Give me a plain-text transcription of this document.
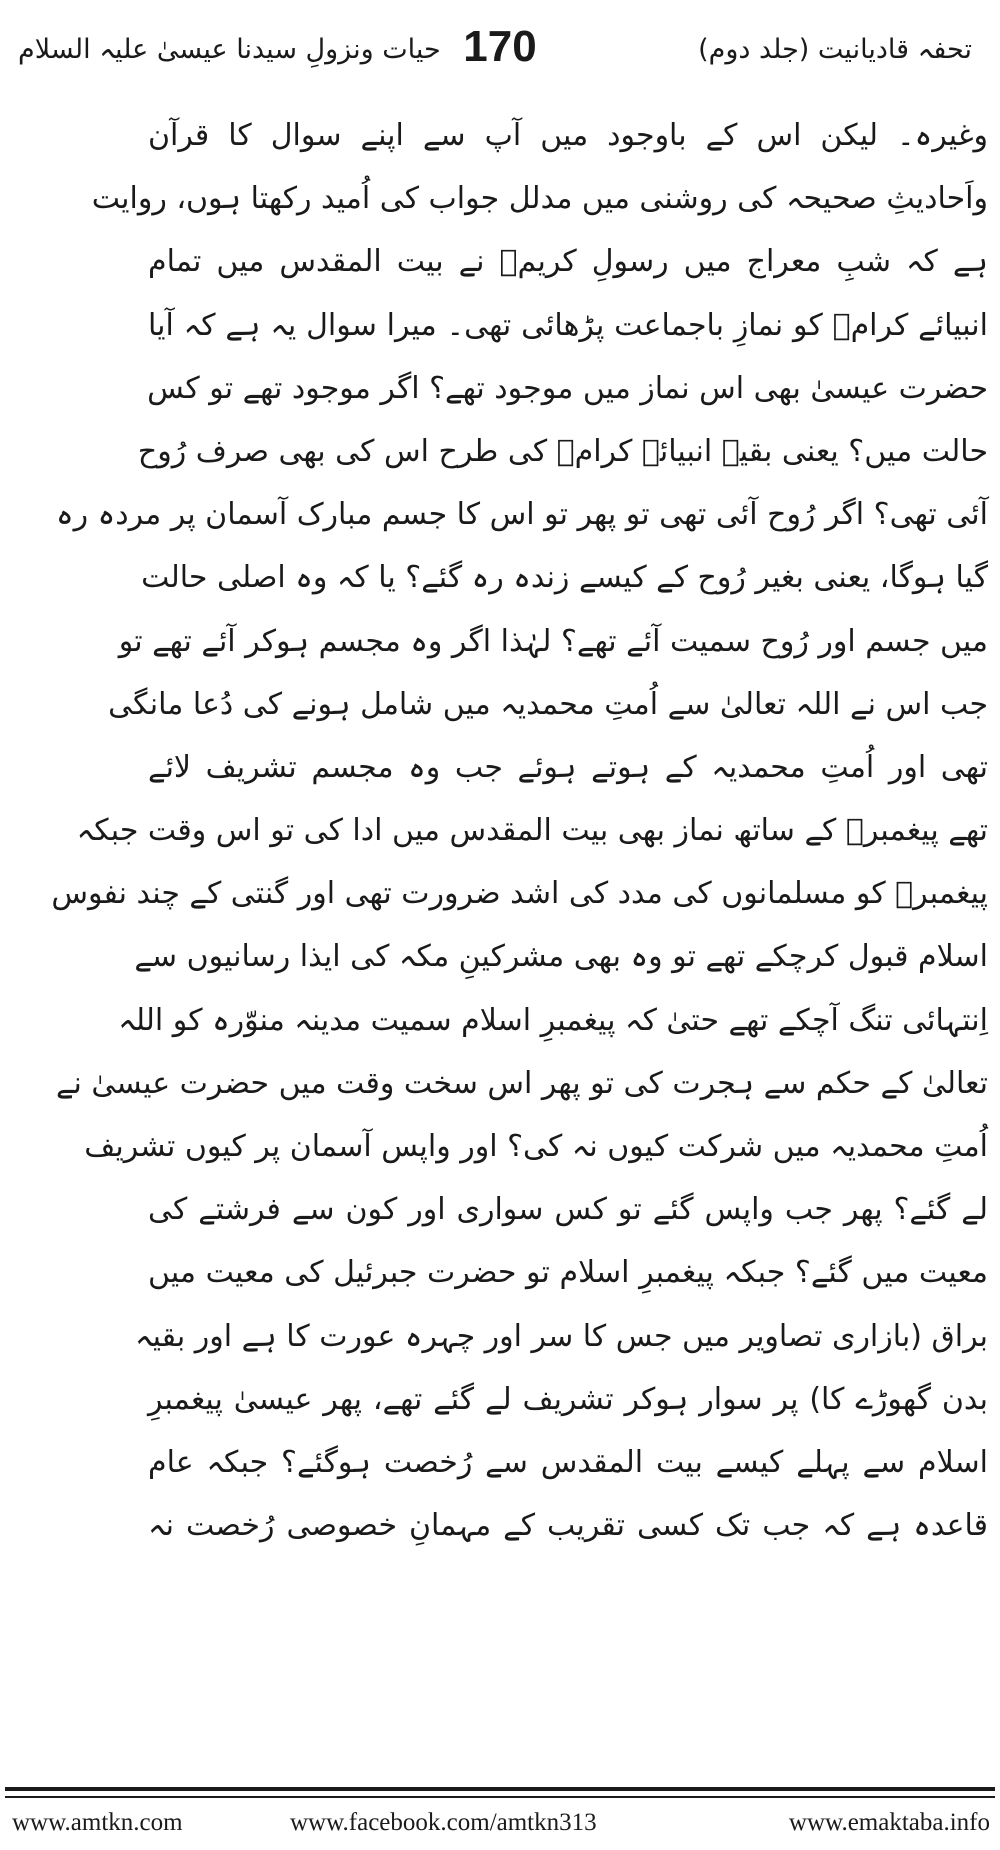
تحفہ قادیانیت (جلد دوم)
170
حیات ونزولِ سیدنا عیسیٰ علیہ السلام
وغیرہ۔ لیکن اس کے باوجود میں آپ سے اپنے سوال کا قرآن
واَحادیثِ صحیحہ کی روشنی میں مدلل جواب کی اُمید رکھتا ہوں، روایت
ہے کہ شبِ معراج میں رسولِ کریمؐ نے بیت المقدس میں تمام
انبیائے کرامؑ کو نمازِ باجماعت پڑھائی تھی۔ میرا سوال یہ ہے کہ آیا
حضرت عیسیٰ بھی اس نماز میں موجود تھے؟ اگر موجود تھے تو کس
حالت میں؟ یعنی بقیہ انبیائے کرامؑ کی طرح اس کی بھی صرف رُوح
آئی تھی؟ اگر رُوح آئی تھی تو پھر تو اس کا جسم مبارک آسمان پر مردہ رہ
گیا ہوگا، یعنی بغیر رُوح کے کیسے زندہ رہ گئے؟ یا کہ وہ اصلی حالت
میں جسم اور رُوح سمیت آئے تھے؟ لہٰذا اگر وہ مجسم ہوکر آئے تھے تو
جب اس نے اللہ تعالیٰ سے اُمتِ محمدیہ میں شامل ہونے کی دُعا مانگی
تھی اور اُمتِ محمدیہ کے ہوتے ہوئے جب وہ مجسم تشریف لائے
تھے پیغمبرؐ کے ساتھ نماز بھی بیت المقدس میں ادا کی تو اس وقت جبکہ
پیغمبرؐ کو مسلمانوں کی مدد کی اشد ضرورت تھی اور گنتی کے چند نفوس
اسلام قبول کرچکے تھے تو وہ بھی مشرکینِ مکہ کی ایذا رسانیوں سے
اِنتہائی تنگ آچکے تھے حتیٰ کہ پیغمبرِ اسلام سمیت مدینہ منوّرہ کو اللہ
تعالیٰ کے حکم سے ہجرت کی تو پھر اس سخت وقت میں حضرت عیسیٰ نے
اُمتِ محمدیہ میں شرکت کیوں نہ کی؟ اور واپس آسمان پر کیوں تشریف
لے گئے؟ پھر جب واپس گئے تو کس سواری اور کون سے فرشتے کی
معیت میں گئے؟ جبکہ پیغمبرِ اسلام تو حضرت جبرئیل کی معیت میں
براق (بازاری تصاویر میں جس کا سر اور چہرہ عورت کا ہے اور بقیہ
بدن گھوڑے کا) پر سوار ہوکر تشریف لے گئے تھے، پھر عیسیٰ پیغمبرِ
اسلام سے پہلے کیسے بیت المقدس سے رُخصت ہوگئے؟ جبکہ عام
قاعدہ ہے کہ جب تک کسی تقریب کے مہمانِ خصوصی رُخصت نہ
www.amtkn.com	www.facebook.com/amtkn313	www.emaktaba.info
